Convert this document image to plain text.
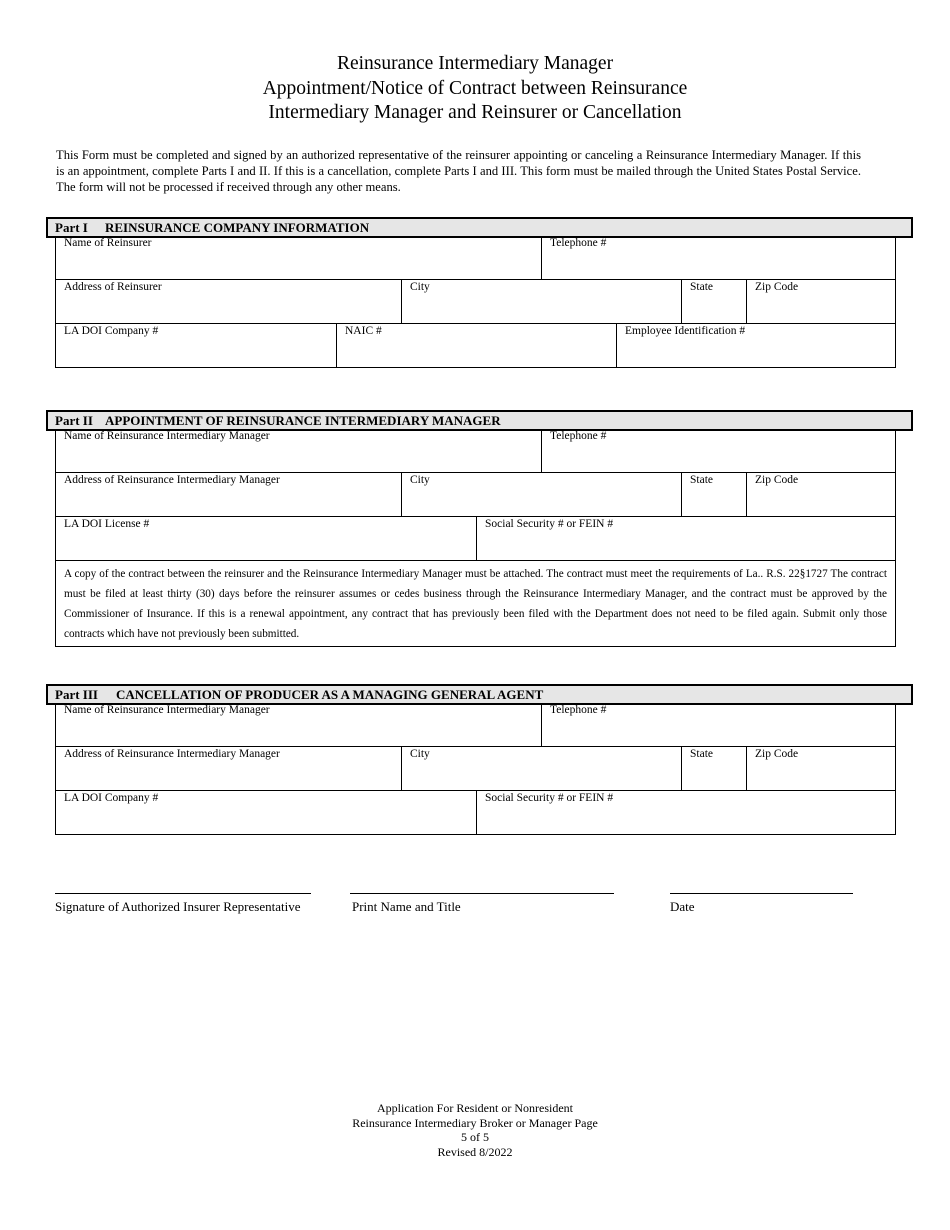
Reinsurance Intermediary Manager
Appointment/Notice of Contract between Reinsurance
Intermediary Manager and Reinsurer or Cancellation
This Form must be completed and signed by an authorized representative of the reinsurer appointing or canceling a Reinsurance Intermediary Manager. If this is an appointment, complete Parts I and II. If this is a cancellation, complete Parts I and III. This form must be mailed through the United States Postal Service. The form will not be processed if received through any other means.
Part I REINSURANCE COMPANY INFORMATION
Name of Reinsurer	Telephone #
Address of Reinsurer	City	State	Zip Code
LA DOI Company #	NAIC #	Employee Identification #
Part II APPOINTMENT OF REINSURANCE INTERMEDIARY MANAGER
Name of Reinsurance Intermediary Manager	Telephone #
Address of Reinsurance Intermediary Manager	City	State	Zip Code
LA DOI License #	Social Security # or FEIN #
A copy of the contract between the reinsurer and the Reinsurance Intermediary Manager must be attached. The contract must meet the requirements of La.. R.S. 22§1727 The contract must be filed at least thirty (30) days before the reinsurer assumes or cedes business through the Reinsurance Intermediary Manager, and the contract must be approved by the Commissioner of Insurance. If this is a renewal appointment, any contract that has previously been filed with the Department does not need to be filed again. Submit only those contracts which have not previously been submitted.
Part III CANCELLATION OF PRODUCER AS A MANAGING GENERAL AGENT
Name of Reinsurance Intermediary Manager	Telephone #
Address of Reinsurance Intermediary Manager	City	State	Zip Code
LA DOI Company #	Social Security # or FEIN #
Signature of Authorized Insurer Representative	Print Name and Title	Date
Application For Resident or Nonresident
Reinsurance Intermediary Broker or Manager Page
5 of 5
Revised 8/2022
